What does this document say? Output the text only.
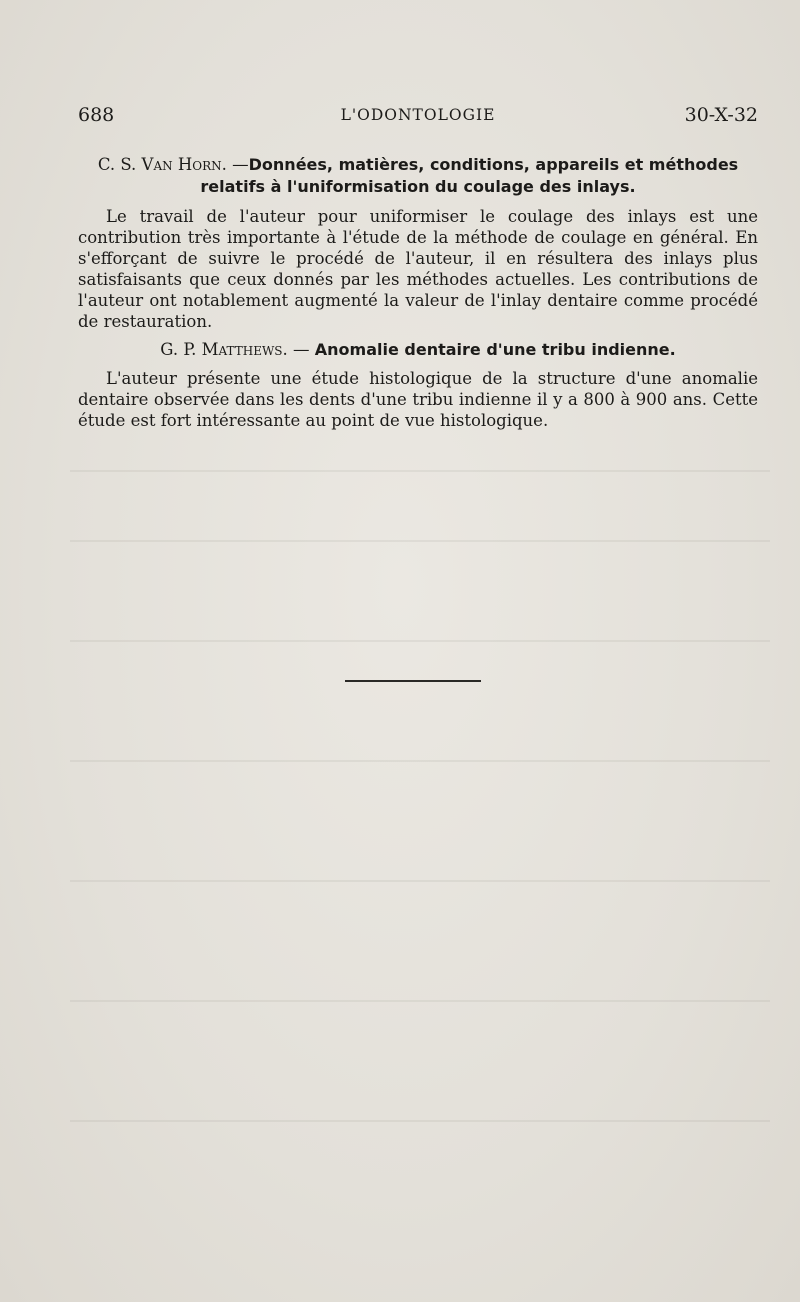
688	L'ODONTOLOGIE	30-X-32
C. S. Van Horn. —Données, matières, conditions, appareils et méthodes
relatifs à l'uniformisation du coulage des inlays.

Le travail de l'auteur pour uniformiser le coulage des inlays est une contribution très importante à l'étude de la méthode de coulage en général. En s'efforçant de suivre le procédé de l'auteur, il en résultera des inlays plus satisfaisants que ceux donnés par les méthodes actuelles. Les contributions de l'auteur ont notablement augmenté la valeur de l'inlay dentaire comme procédé de restauration.

G. P. Matthews. — Anomalie dentaire d'une tribu indienne.

L'auteur présente une étude histologique de la structure d'une anomalie dentaire observée dans les dents d'une tribu indienne il y a 800 à 900 ans. Cette étude est fort intéressante au point de vue histologique.
